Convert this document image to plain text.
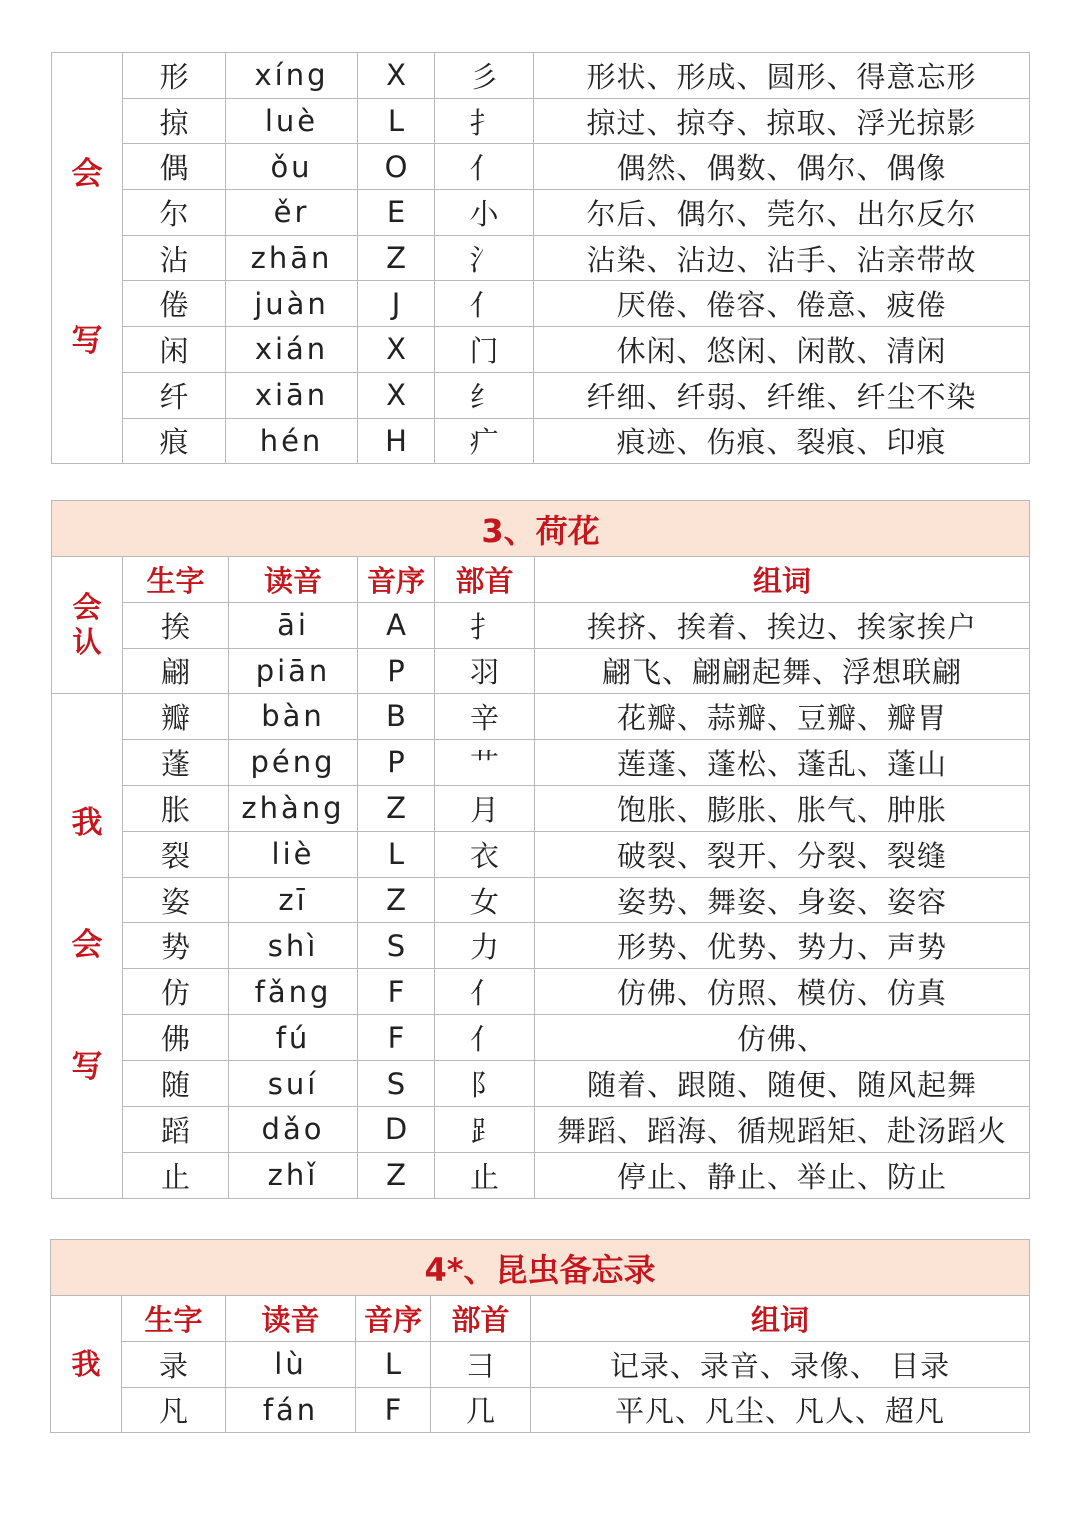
会
写	形	xíng	X	彡	形状、形成、圆形、得意忘形
	掠	luè	L	扌	掠过、掠夺、掠取、浮光掠影
	偶	ǒu	O	亻	偶然、偶数、偶尔、偶像
	尔	ěr	E	小	尔后、偶尔、莞尔、出尔反尔
	沾	zhān	Z	氵	沾染、沾边、沾手、沾亲带故
	倦	juàn	J	亻	厌倦、倦容、倦意、疲倦
	闲	xián	X	门	休闲、悠闲、闲散、清闲
	纤	xiān	X	纟	纤细、纤弱、纤维、纤尘不染
	痕	hén	H	疒	痕迹、伤痕、裂痕、印痕
3、荷花					

会
认	生字	读音	音序	部首	组词
	挨	āi	A	扌	挨挤、挨着、挨边、挨家挨户
	翩	piān	P	羽	翩飞、翩翩起舞、浮想联翩

我
会
写	瓣	bàn	B	辛	花瓣、蒜瓣、豆瓣、瓣胃
	蓬	péng	P	艹	莲蓬、蓬松、蓬乱、蓬山
	胀	zhàng	Z	月	饱胀、膨胀、胀气、肿胀
	裂	liè	L	衣	破裂、裂开、分裂、裂缝
	姿	zī	Z	女	姿势、舞姿、身姿、姿容
	势	shì	S	力	形势、优势、势力、声势
	仿	fǎng	F	亻	仿佛、仿照、模仿、仿真
	佛	fú	F	亻	仿佛、
	随	suí	S	阝	随着、跟随、随便、随风起舞
	蹈	dǎo	D	⻊	舞蹈、蹈海、循规蹈矩、赴汤蹈火
	止	zhǐ	Z	止	停止、静止、举止、防止
4*、昆虫备忘录					

我	生字	读音	音序	部首	组词
	录	lù	L	彐	记录、录音、录像、 目录
	凡	fán	F	几	平凡、凡尘、凡人、超凡
